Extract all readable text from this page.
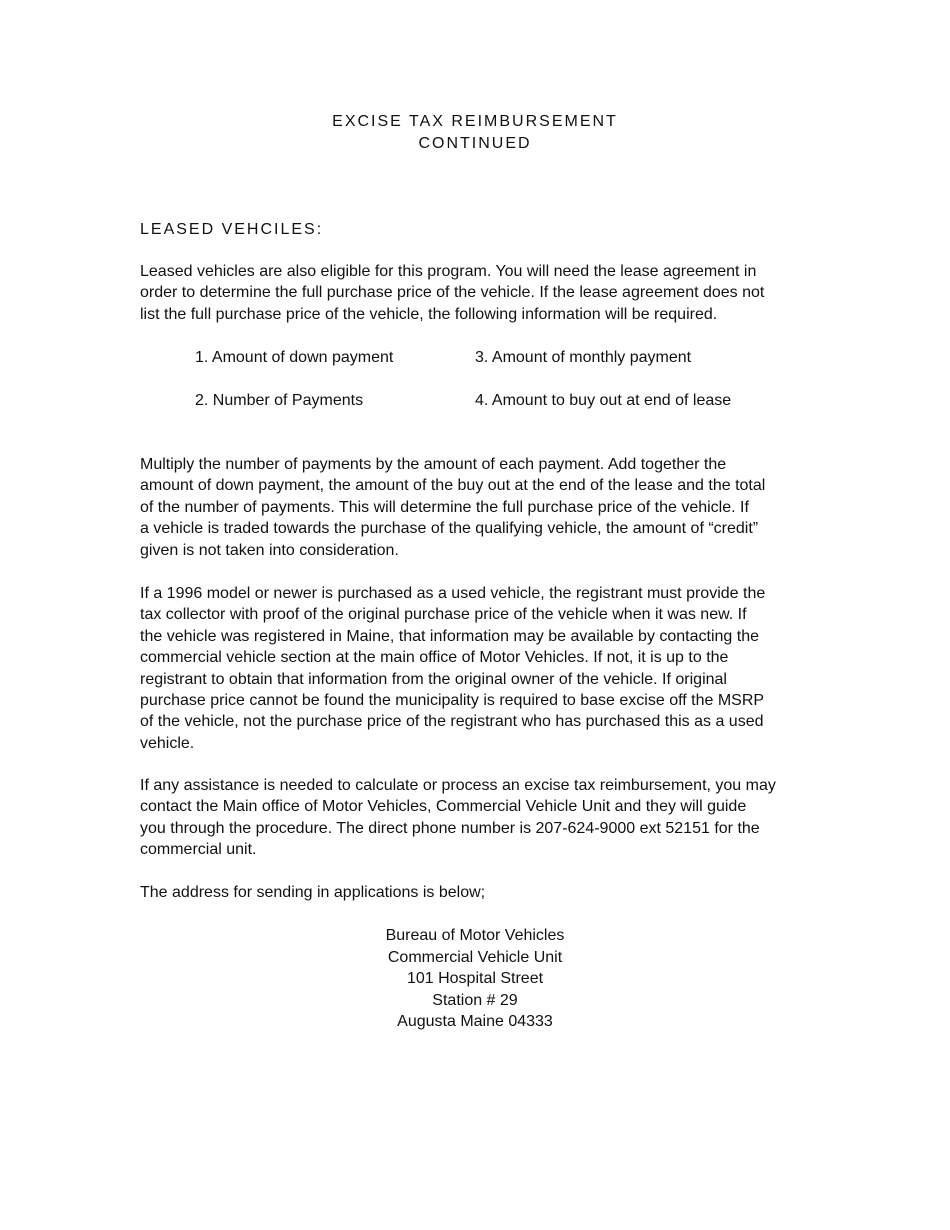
EXCISE TAX REIMBURSEMENT
CONTINUED
LEASED VEHCILES:

Leased vehicles are also eligible for this program. You will need the lease agreement in
order to determine the full purchase price of the vehicle. If the lease agreement does not
list the full purchase price of the vehicle, the following information will be required.

1. Amount of down payment
2. Number of Payments
3. Amount of monthly payment
4. Amount to buy out at end of lease

Multiply the number of payments by the amount of each payment. Add together the
amount of down payment, the amount of the buy out at the end of the lease and the total
of the number of payments. This will determine the full purchase price of the vehicle. If
a vehicle is traded towards the purchase of the qualifying vehicle, the amount of “credit”
given is not taken into consideration.

If a 1996 model or newer is purchased as a used vehicle, the registrant must provide the
tax collector with proof of the original purchase price of the vehicle when it was new. If
the vehicle was registered in Maine, that information may be available by contacting the
commercial vehicle section at the main office of Motor Vehicles. If not, it is up to the
registrant to obtain that information from the original owner of the vehicle. If original
purchase price cannot be found the municipality is required to base excise off the MSRP
of the vehicle, not the purchase price of the registrant who has purchased this as a used
vehicle.

If any assistance is needed to calculate or process an excise tax reimbursement, you may
contact the Main office of Motor Vehicles, Commercial Vehicle Unit and they will guide
you through the procedure. The direct phone number is 207-624-9000 ext 52151 for the
commercial unit.

The address for sending in applications is below;

Bureau of Motor Vehicles
Commercial Vehicle Unit
101 Hospital Street
Station # 29
Augusta Maine 04333
